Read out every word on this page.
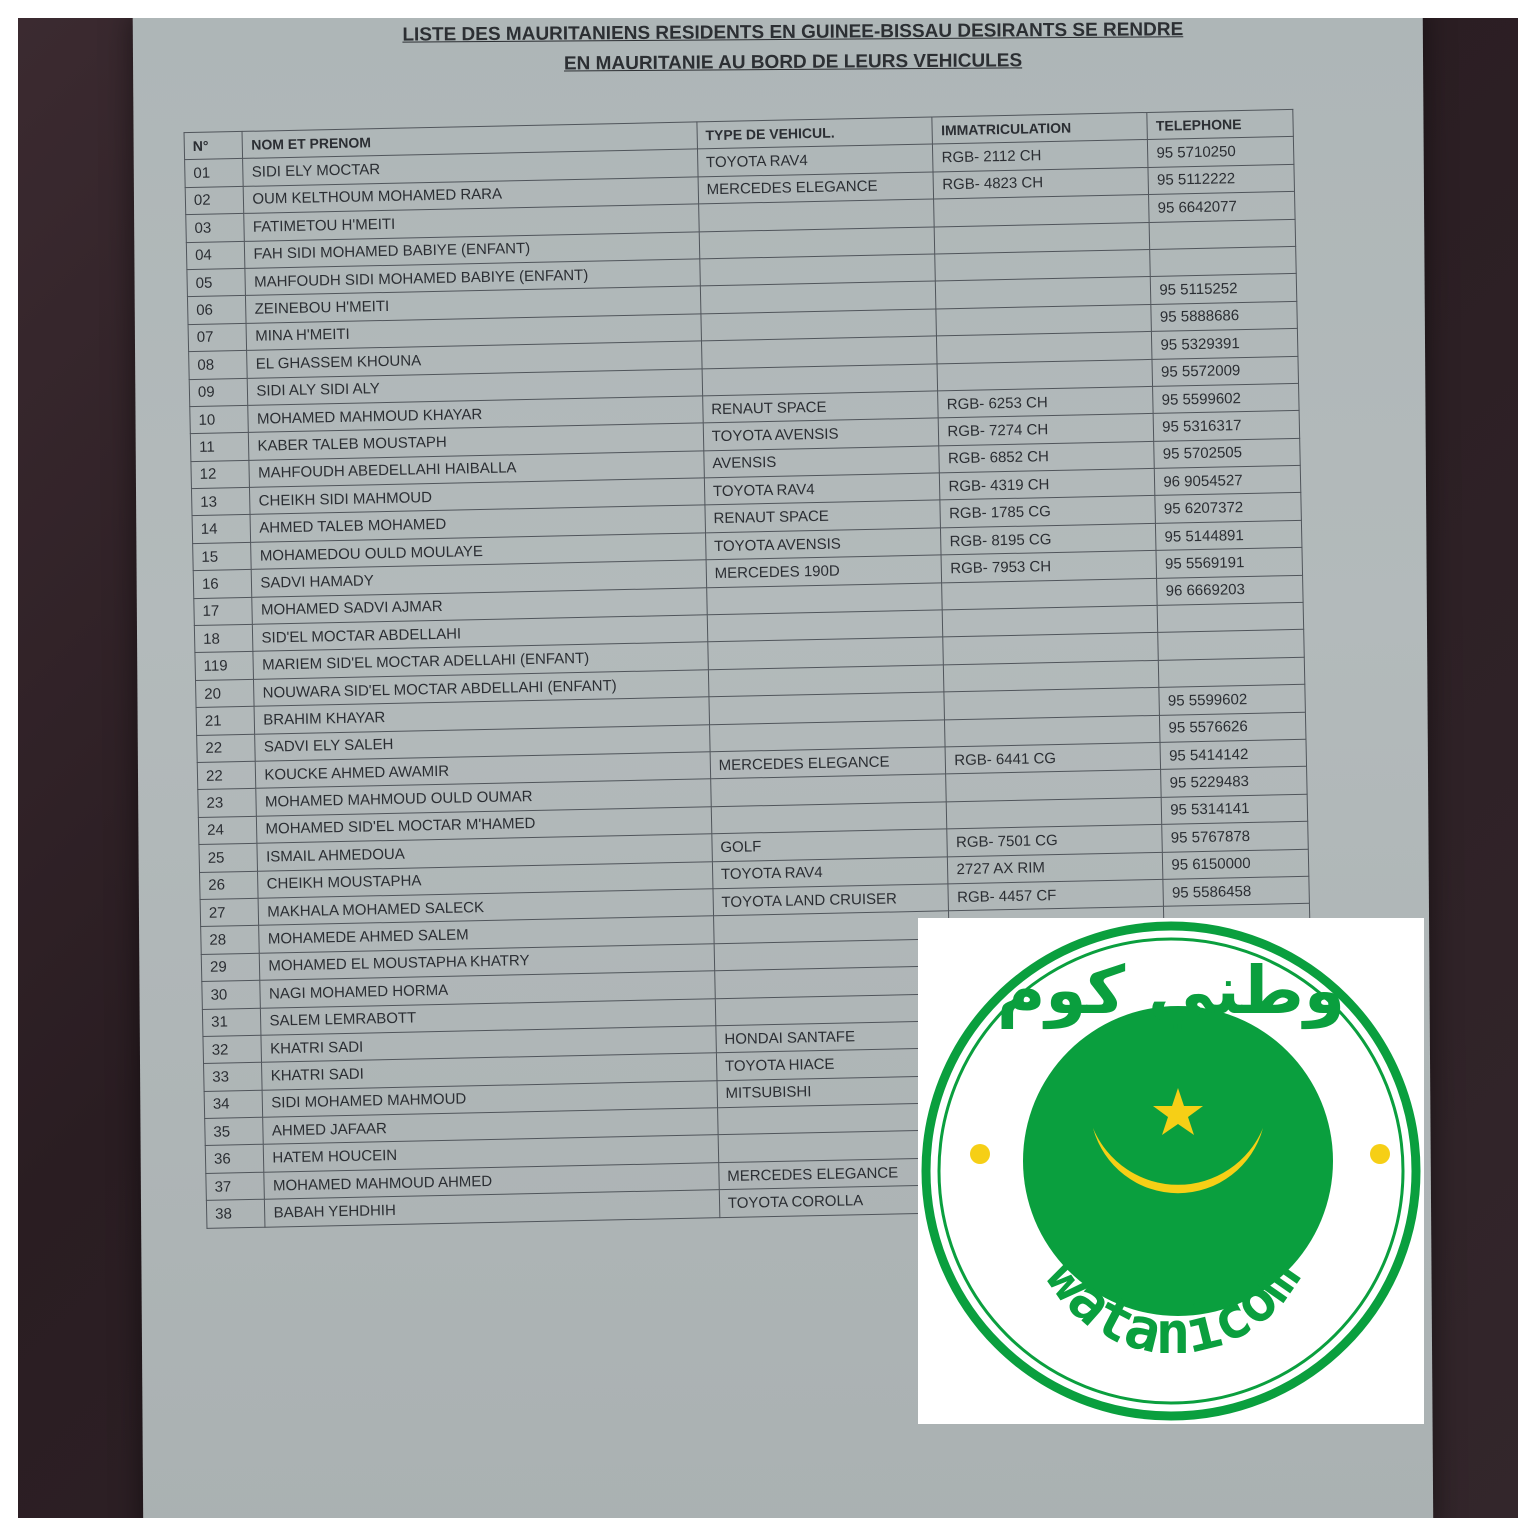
LISTE DES MAURITANIENS RESIDENTS EN GUINEE-BISSAU DESIRANTS SE RENDRE
EN MAURITANIE AU BORD DE LEURS VEHICULES
N°	NOM ET PRENOM	TYPE DE VEHICUL.	IMMATRICULATION	TELEPHONE
01	SIDI ELY MOCTAR	TOYOTA RAV4	RGB- 2112 CH	95 5710250
02	OUM KELTHOUM MOHAMED RARA	MERCEDES ELEGANCE	RGB- 4823 CH	95 5112222
03	FATIMETOU H'MEITI			95 6642077
04	FAH SIDI MOHAMED BABIYE (ENFANT)			
05	MAHFOUDH SIDI MOHAMED BABIYE (ENFANT)			
06	ZEINEBOU H'MEITI			95 5115252
07	MINA H'MEITI			95 5888686
08	EL GHASSEM KHOUNA			95 5329391
09	SIDI ALY SIDI ALY			95 5572009
10	MOHAMED MAHMOUD KHAYAR	RENAUT SPACE	RGB- 6253 CH	95 5599602
11	KABER TALEB MOUSTAPH	TOYOTA AVENSIS	RGB- 7274 CH	95 5316317
12	MAHFOUDH ABEDELLAHI HAIBALLA	AVENSIS	RGB- 6852 CH	95 5702505
13	CHEIKH SIDI MAHMOUD	TOYOTA RAV4	RGB- 4319 CH	96 9054527
14	AHMED TALEB MOHAMED	RENAUT SPACE	RGB- 1785 CG	95 6207372
15	MOHAMEDOU OULD MOULAYE	TOYOTA AVENSIS	RGB- 8195 CG	95 5144891
16	SADVI HAMADY	MERCEDES 190D	RGB- 7953 CH	95 5569191
17	MOHAMED SADVI AJMAR			96 6669203
18	SID'EL MOCTAR ABDELLAHI			
119	MARIEM SID'EL MOCTAR ADELLAHI (ENFANT)			
20	NOUWARA SID'EL MOCTAR ABDELLAHI (ENFANT)			
21	BRAHIM KHAYAR			95 5599602
22	SADVI ELY SALEH			95 5576626
22	KOUCKE AHMED AWAMIR	MERCEDES ELEGANCE	RGB- 6441 CG	95 5414142
23	MOHAMED MAHMOUD OULD OUMAR			95 5229483
24	MOHAMED SID'EL MOCTAR M'HAMED			95 5314141
25	ISMAIL AHMEDOUA	GOLF	RGB- 7501 CG	95 5767878
26	CHEIKH MOUSTAPHA	TOYOTA RAV4	2727 AX RIM	95 6150000
27	MAKHALA MOHAMED SALECK	TOYOTA LAND CRUISER	RGB- 4457 CF	95 5586458
28	MOHAMEDE AHMED SALEM			
29	MOHAMED EL MOUSTAPHA KHATRY			
30	NAGI MOHAMED HORMA			
31	SALEM LEMRABOTT			
32	KHATRI SADI	HONDAI SANTAFE		
33	KHATRI SADI	TOYOTA HIACE		
34	SIDI MOHAMED MAHMOUD	MITSUBISHI		
35	AHMED JAFAAR			
36	HATEM HOUCEIN			
37	MOHAMED MAHMOUD AHMED	MERCEDES ELEGANCE		
38	BABAH YEHDHIH	TOYOTA COROLLA		
وطني كوم
watanicom
